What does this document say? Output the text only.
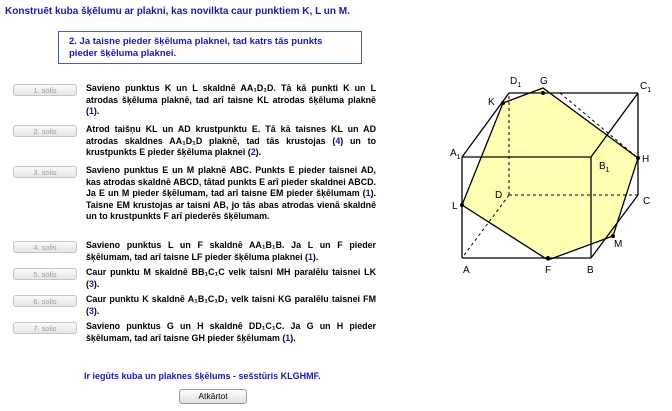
Konstruēt kuba šķēlumu ar plakni, kas novilkta caur punktiem K, L un M.
2. Ja taisne pieder šķēluma plaknei, tad katrs tās punkts pieder šķēluma plaknei.
1. solis	Savieno punktus K un L skaldnē AA₁D₁D. Tā kā punkti K un L atrodas šķēluma plaknē, tad arī taisne KL atrodas šķēluma plaknē (1).
2. solis	Atrod taišņu KL un AD krustpunktu E. Tā kā taisnes KL un AD atrodas skaldnes AA₁D₁D plaknē, tad tās krustojas (4) un to krustpunkts E pieder šķēluma plaknei (2).
3. solis	Savieno punktus E un M plaknē ABC. Punkts E pieder taisnei AD, kas atrodas skaldnē ABCD, tātad punkts E arī pieder skaldnei ABCD. Ja E un M pieder šķēlumam, tad arī taisne EM pieder šķēlumam (1). Taisne EM krustojas ar taisni AB, jo tās abas atrodas vienā skaldnē un to krustpunkts F arī piederēs šķēlumam.
4. solis	Savieno punktus L un F skaldnē AA₁B₁B. Ja L un F pieder šķēlumam, tad arī taisne LF pieder šķēluma plaknei (1).
5. solis	Caur punktu M skaldnē BB₁C₁C velk taisni MH paralēlu taisnei LK (3).
6. solis	Caur punktu K skaldnē A₁B₁C₁D₁ velk taisni KG paralēlu taisnei FM (3).
7. solis	Savieno punktus G un H skaldnē DD₁C₁C. Ja G un H pieder šķēlumam, tad arī taisne GH pieder šķēlumam (1).
Ir iegūts kuba un plaknes šķēlums - sešstūris KLGHMF.
Atkārtot
A	B
C
D
$A_1$
$B_1$
$C_1$
$D_1$
K
L
M
F
G
H
